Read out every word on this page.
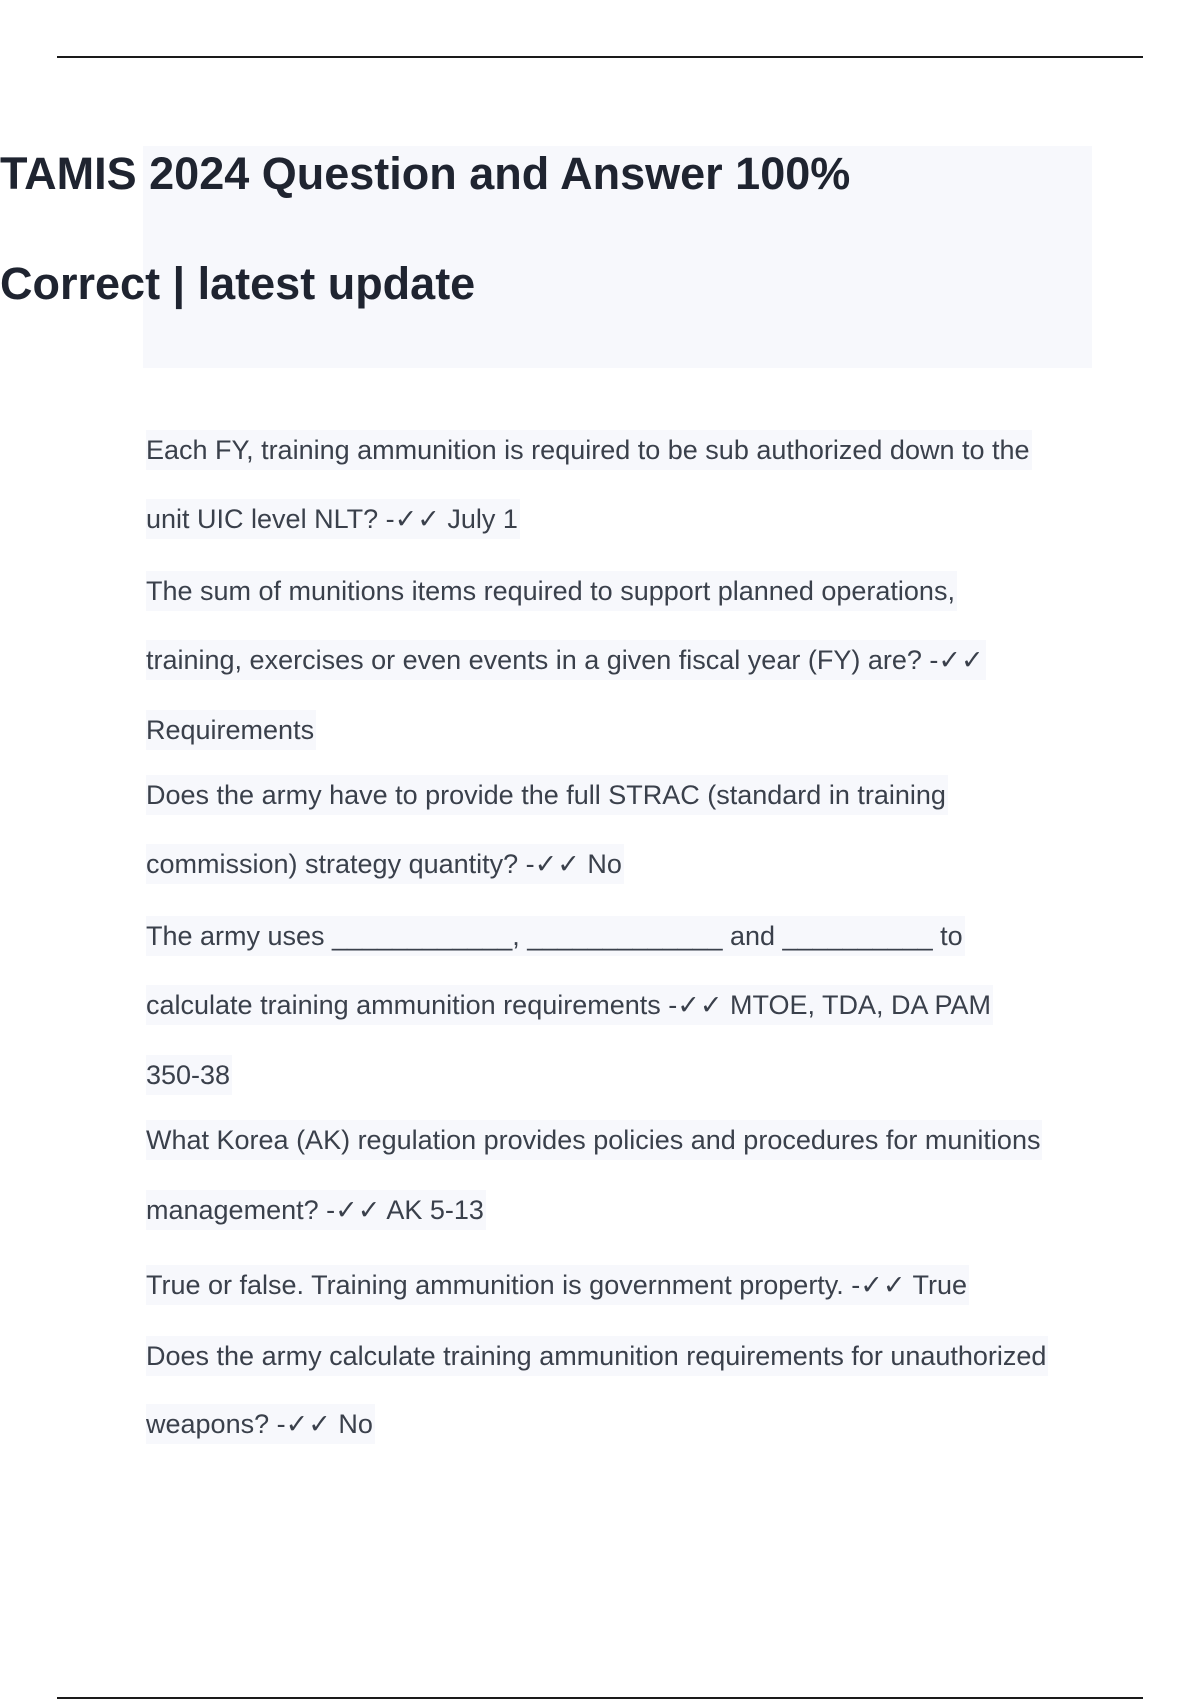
TAMIS 2024 Question and Answer 100%
Correct | latest update
Each FY, training ammunition is required to be sub authorized down to the
unit UIC level NLT? -✓✓ July 1
The sum of munitions items required to support planned operations,
training, exercises or even events in a given fiscal year (FY) are? -✓✓
Requirements
Does the army have to provide the full STRAC (standard in training
commission) strategy quantity? -✓✓ No
The army uses ____________, _____________ and __________ to
calculate training ammunition requirements -✓✓ MTOE, TDA, DA PAM
350-38
What Korea (AK) regulation provides policies and procedures for munitions
management? -✓✓ AK 5-13
True or false. Training ammunition is government property. -✓✓ True
Does the army calculate training ammunition requirements for unauthorized
weapons? -✓✓ No
